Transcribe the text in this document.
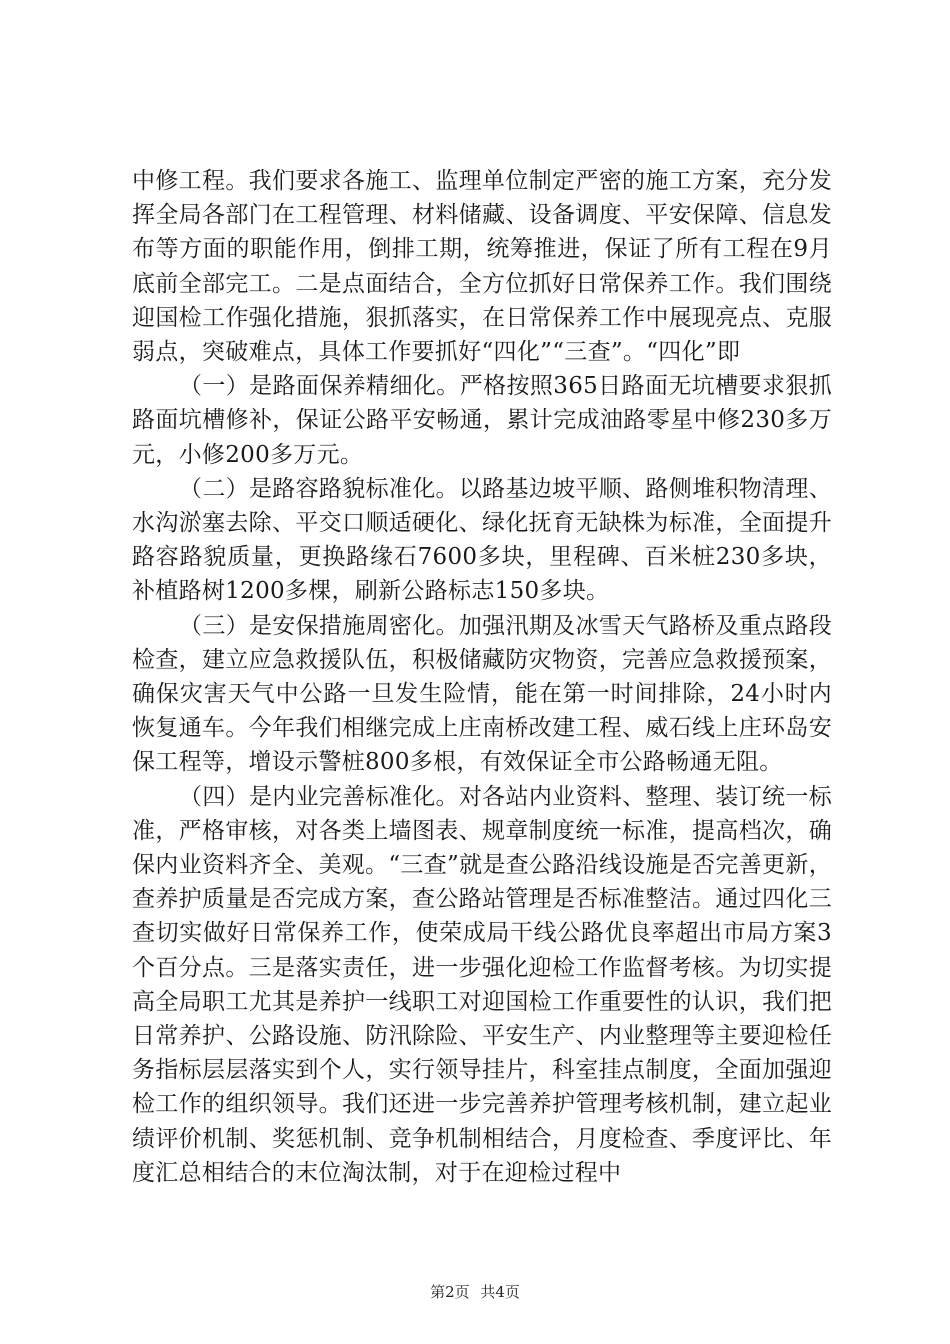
中修工程。我们要求各施工、监理单位制定严密的施工方案，充分发挥全局各部门在工程管理、材料储藏、设备调度、平安保障、信息发布等方面的职能作用，倒排工期，统筹推进，保证了所有工程在9月底前全部完工。二是点面结合，全方位抓好日常保养工作。我们围绕迎国检工作强化措施，狠抓落实，在日常保养工作中展现亮点、克服弱点，突破难点，具体工作要抓好“四化”“三查”。“四化”即

（一）是路面保养精细化。严格按照365日路面无坑槽要求狠抓路面坑槽修补，保证公路平安畅通，累计完成油路零星中修230多万元，小修200多万元。

（二）是路容路貌标准化。以路基边坡平顺、路侧堆积物清理、水沟淤塞去除、平交口顺适硬化、绿化抚育无缺株为标准，全面提升路容路貌质量，更换路缘石7600多块，里程碑、百米桩230多块，补植路树1200多棵，刷新公路标志150多块。

（三）是安保措施周密化。加强汛期及冰雪天气路桥及重点路段检查，建立应急救援队伍，积极储藏防灾物资，完善应急救援预案，确保灾害天气中公路一旦发生险情，能在第一时间排除，24小时内恢复通车。今年我们相继完成上庄南桥改建工程、威石线上庄环岛安保工程等，增设示警桩800多根，有效保证全市公路畅通无阻。

（四）是内业完善标准化。对各站内业资料、整理、装订统一标准，严格审核，对各类上墙图表、规章制度统一标准，提高档次，确保内业资料齐全、美观。“三查”就是查公路沿线设施是否完善更新，查养护质量是否完成方案，查公路站管理是否标准整洁。通过四化三查切实做好日常保养工作，使荣成局干线公路优良率超出市局方案3个百分点。三是落实责任，进一步强化迎检工作监督考核。为切实提高全局职工尤其是养护一线职工对迎国检工作重要性的认识，我们把日常养护、公路设施、防汛除险、平安生产、内业整理等主要迎检任务指标层层落实到个人，实行领导挂片，科室挂点制度，全面加强迎检工作的组织领导。我们还进一步完善养护管理考核机制，建立起业绩评价机制、奖惩机制、竞争机制相结合，月度检查、季度评比、年度汇总相结合的末位淘汰制，对于在迎检过程中

第2页 共4页
